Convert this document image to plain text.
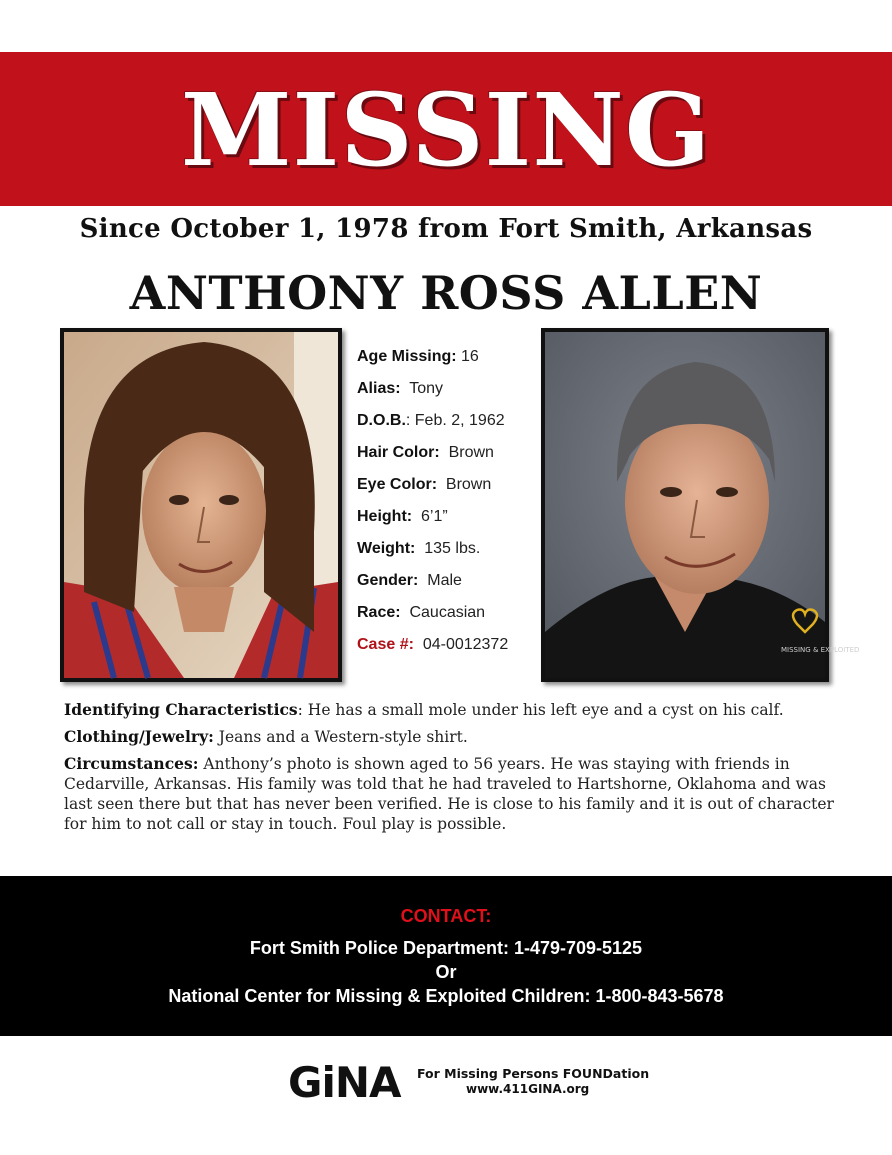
MISSING
Since October 1, 1978 from Fort Smith, Arkansas
ANTHONY ROSS ALLEN
Age Missing: 16
Alias: Tony
D.O.B.: Feb. 2, 1962
Hair Color: Brown
Eye Color: Brown
Height: 6’1”
Weight: 135 lbs.
Gender: Male
Race: Caucasian
Case #: 04-0012372	MISSING & EXPLOITED

Identifying Characteristics: He has a small mole under his left eye and a cyst on his calf.

Clothing/Jewelry: Jeans and a Western-style shirt.

Circumstances: Anthony’s photo is shown aged to 56 years. He was staying with friends in Cedarville, Arkansas. His family was told that he had traveled to Hartshorne, Oklahoma and was last seen there but that has never been verified. He is close to his family and it is out of character for him to not call or stay in touch. Foul play is possible.

CONTACT:
Fort Smith Police Department: 1-479-709-5125
Or
National Center for Missing & Exploited Children: 1-800-843-5678
GiNA For Missing Persons FOUNDation
www.411GINA.org
